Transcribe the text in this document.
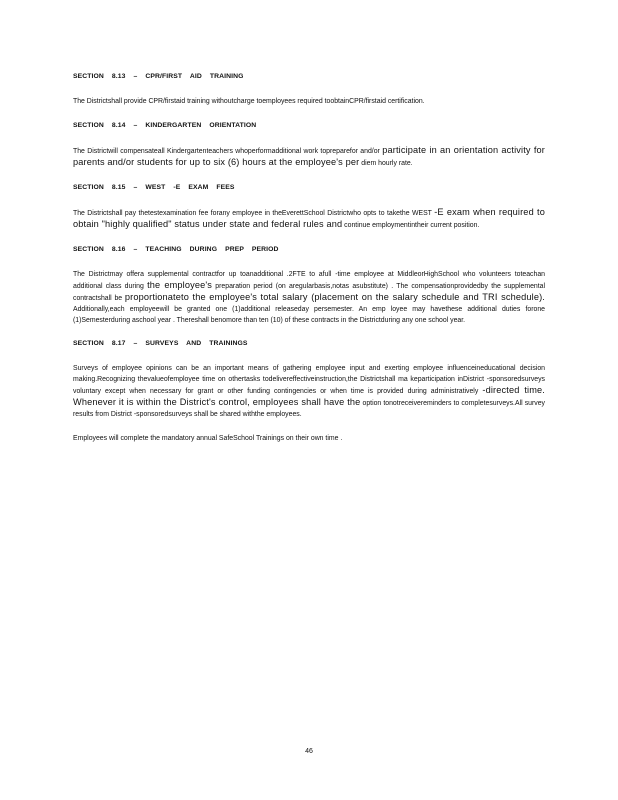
SECTION 8.13 – CPR/FIRST AID TRAINING
The Districtshall provide CPR/firstaid training withoutcharge toemployees required toobtainCPR/firstaid certification.
SECTION 8.14 – KINDERGARTEN ORIENTATION
The Districtwill compensateall Kindergartenteachers whoperformadditional work topreparefor and/or participate in an orientation activity for parents and/or students for up to six (6) hours at the employee's per diem hourly rate.
SECTION 8.15 – WEST -E EXAM FEES
The Districtshall pay thetestexamination fee forany employee in theEverettSchool Districtwho opts to takethe WEST -E exam when required to obtain "highly qualified" status under state and federal rules and continue employmentintheir current position.
SECTION 8.16 – TEACHING DURING PREP PERIOD
The Districtmay offera supplemental contractfor up toanadditional .2FTE to afull -time employee at MiddleorHighSchool who volunteers toteachan additional class during the employee's preparation period (on aregularbasis,notas asubstitute) . The compensationprovidedby the supplemental contractshall be proportionateto the employee's total salary (placement on the salary schedule and TRI schedule). Additionally,each employeewill be granted one (1)additional releaseday persemester. An emp loyee may havethese additional duties forone (1)Semesterduring aschool year . Thereshall benomore than ten (10) of these contracts in the Districtduring any one school year.
SECTION 8.17 – SURVEYS AND TRAININGS
Surveys of employee opinions can be an important means of gathering employee input and exerting employee influenceineducational decision making.Recognizing thevalueofemployee time on othertasks todelivereffectiveinstruction,the Districtshall ma keparticipation inDistrict -sponsoredsurveys voluntary except when necessary for grant or other funding contingencies or when time is provided during administratively -directed time. Whenever it is within the District's control, employees shall have the option tonotreceivereminders to completesurveys.All survey results from District -sponsoredsurveys shall be shared withthe employees.
Employees will complete the mandatory annual SafeSchool Trainings on their own time .
46
